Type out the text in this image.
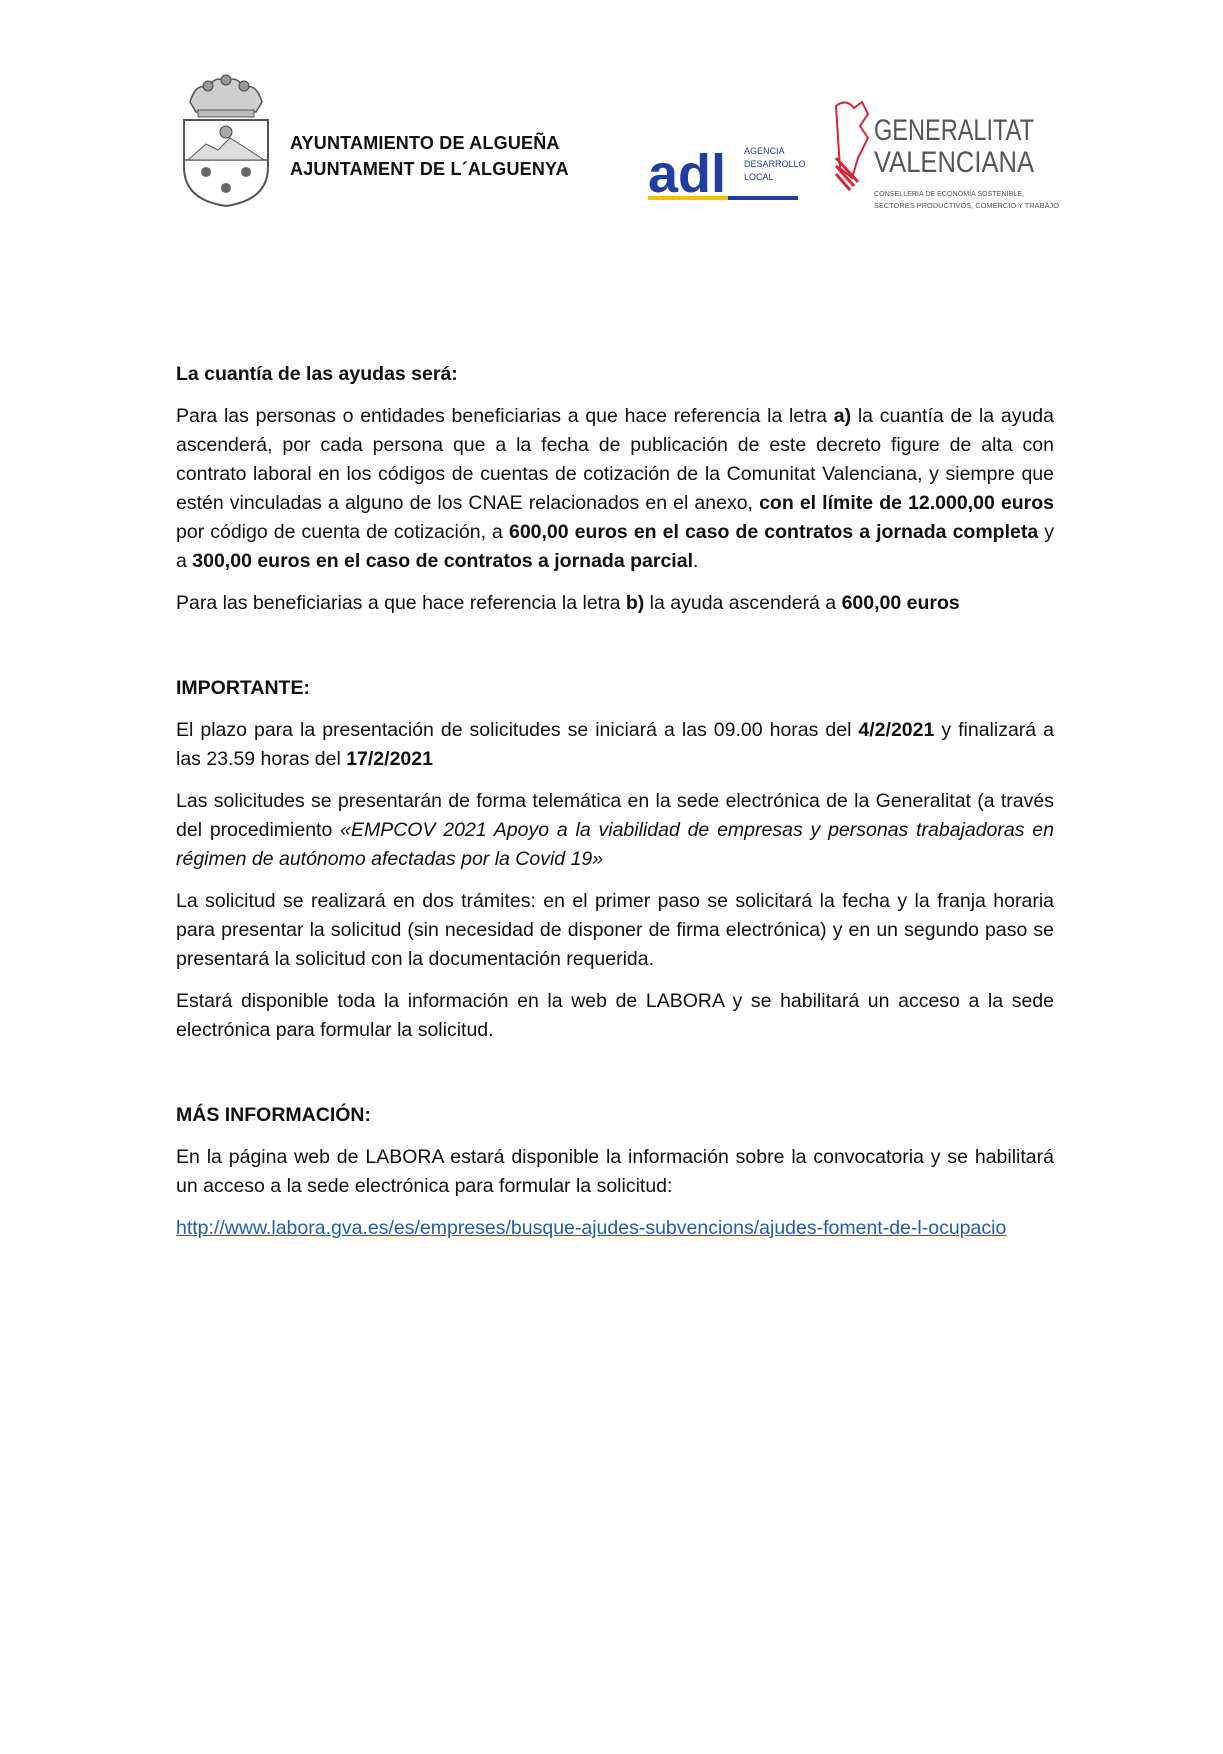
AYUNTAMIENTO DE ALGUEÑA
AJUNTAMENT DE L´ALGUENYA adl AGENCIA
DESARROLLO
LOCAL
GENERALITAT
VALENCIANA
CONSELLERIA DE ECONOMÍA SOSTENIBLE,
SECTORES PRODUCTIVOS, COMERCIO Y TRABAJO

La cuantía de las ayudas será:

Para las personas o entidades beneficiarias a que hace referencia la letra a) la cuantía de la ayuda ascenderá, por cada persona que a la fecha de publicación de este decreto figure de alta con contrato laboral en los códigos de cuentas de cotización de la Comunitat Valenciana, y siempre que estén vinculadas a alguno de los CNAE relacionados en el anexo, con el límite de 12.000,00 euros por código de cuenta de cotización, a 600,00 euros en el caso de contratos a jornada completa y a 300,00 euros en el caso de contratos a jornada parcial.

Para las beneficiarias a que hace referencia la letra b) la ayuda ascenderá a 600,00 euros

IMPORTANTE:

El plazo para la presentación de solicitudes se iniciará a las 09.00 horas del 4/2/2021 y finalizará a las 23.59 horas del 17/2/2021

Las solicitudes se presentarán de forma telemática en la sede electrónica de la Generalitat (a través del procedimiento «EMPCOV 2021 Apoyo a la viabilidad de empresas y personas trabajadoras en régimen de autónomo afectadas por la Covid 19»

La solicitud se realizará en dos trámites: en el primer paso se solicitará la fecha y la franja horaria para presentar la solicitud (sin necesidad de disponer de firma electrónica) y en un segundo paso se presentará la solicitud con la documentación requerida.

Estará disponible toda la información en la web de LABORA y se habilitará un acceso a la sede electrónica para formular la solicitud.

MÁS INFORMACIÓN:

En la página web de LABORA estará disponible la información sobre la convocatoria y se habilitará un acceso a la sede electrónica para formular la solicitud:

http://www.labora.gva.es/es/empreses/busque-ajudes-subvencions/ajudes-foment-de-l-ocupacio
